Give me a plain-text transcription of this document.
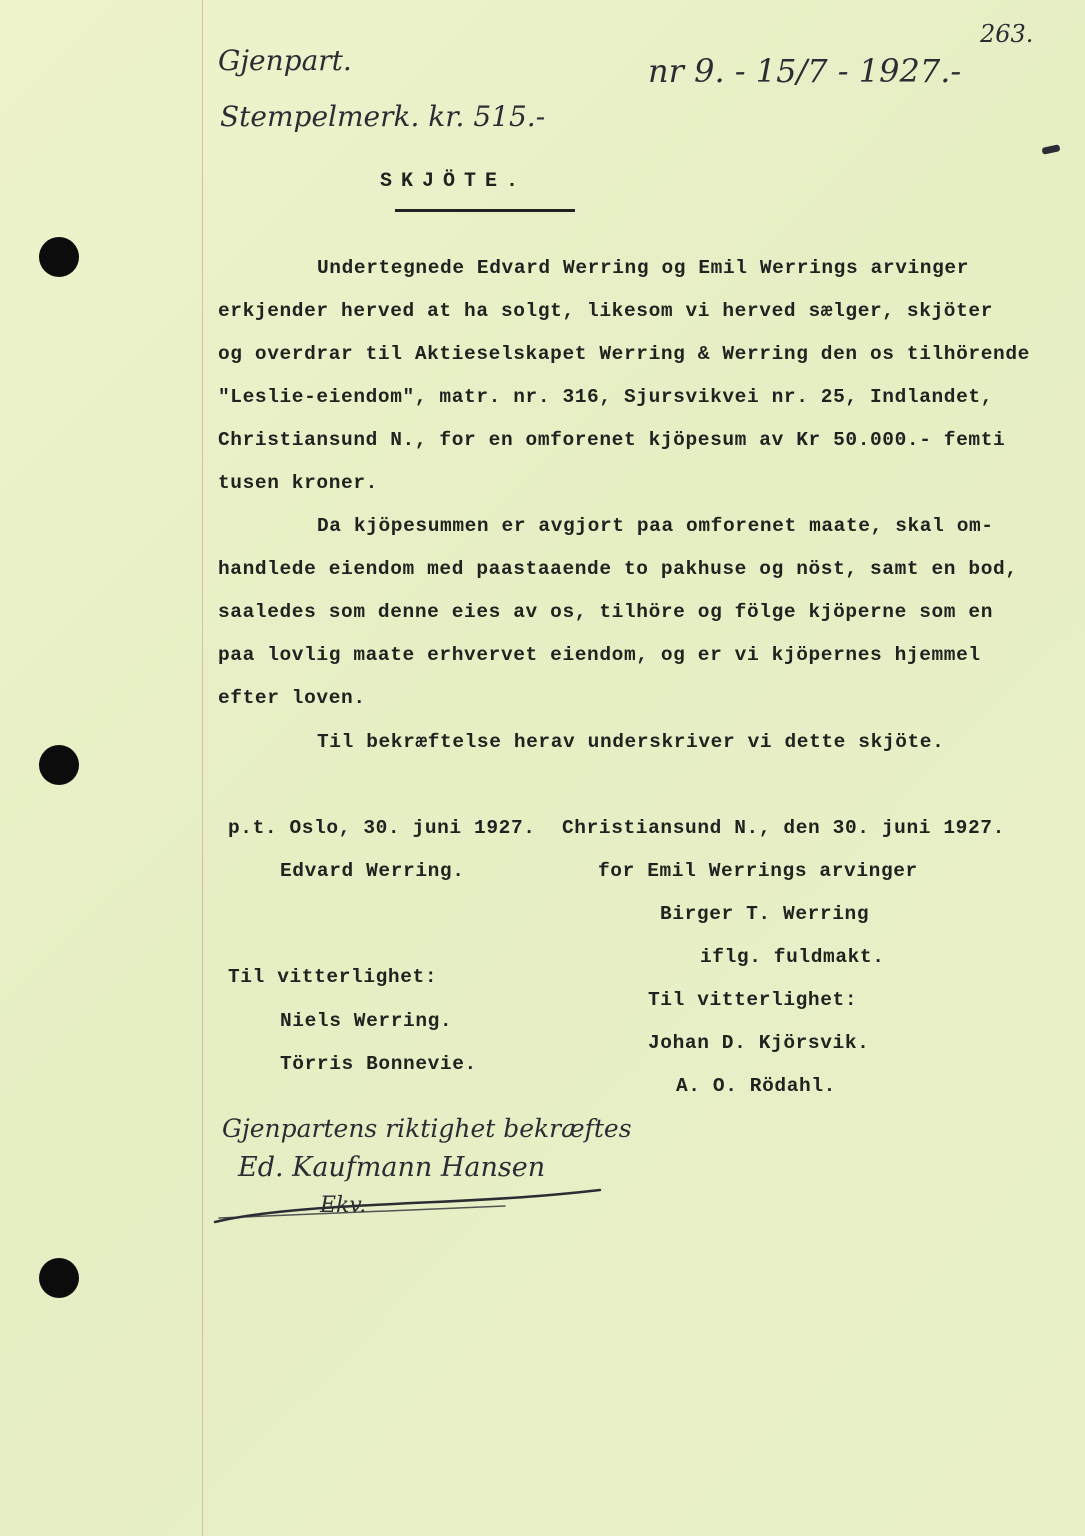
263.
Gjenpart.
Stempelmerk. kr. 515.-
nr 9. - 15/7 - 1927.-
SKJÖTE.
Undertegnede Edvard Werring og Emil Werrings arvinger
erkjender herved at ha solgt, likesom vi herved sælger, skjöter
og overdrar til Aktieselskapet Werring & Werring den os tilhörende
"Leslie-eiendom", matr. nr. 316, Sjursvikvei nr. 25, Indlandet,
Christiansund N., for en omforenet kjöpesum av Kr 50.000.- femti
tusen kroner.
Da kjöpesummen er avgjort paa omforenet maate, skal om-
handlede eiendom med paastaaende to pakhuse og nöst, samt en bod,
saaledes som denne eies av os, tilhöre og fölge kjöperne som en
paa lovlig maate erhvervet eiendom, og er vi kjöpernes hjemmel
efter loven.
Til bekræftelse herav underskriver vi dette skjöte.
p.t. Oslo, 30. juni 1927. Christiansund N., den 30. juni 1927.
Edvard Werring.	for Emil Werrings arvinger
Birger T. Werring
iflg. fuldmakt.
Til vitterlighet:
Til vitterlighet:
Niels Werring.
Johan D. Kjörsvik.
Törris Bonnevie.
A. O. Rödahl.
Gjenpartens riktighet bekræftes
Ed. Kaufmann Hansen
Ekv.
